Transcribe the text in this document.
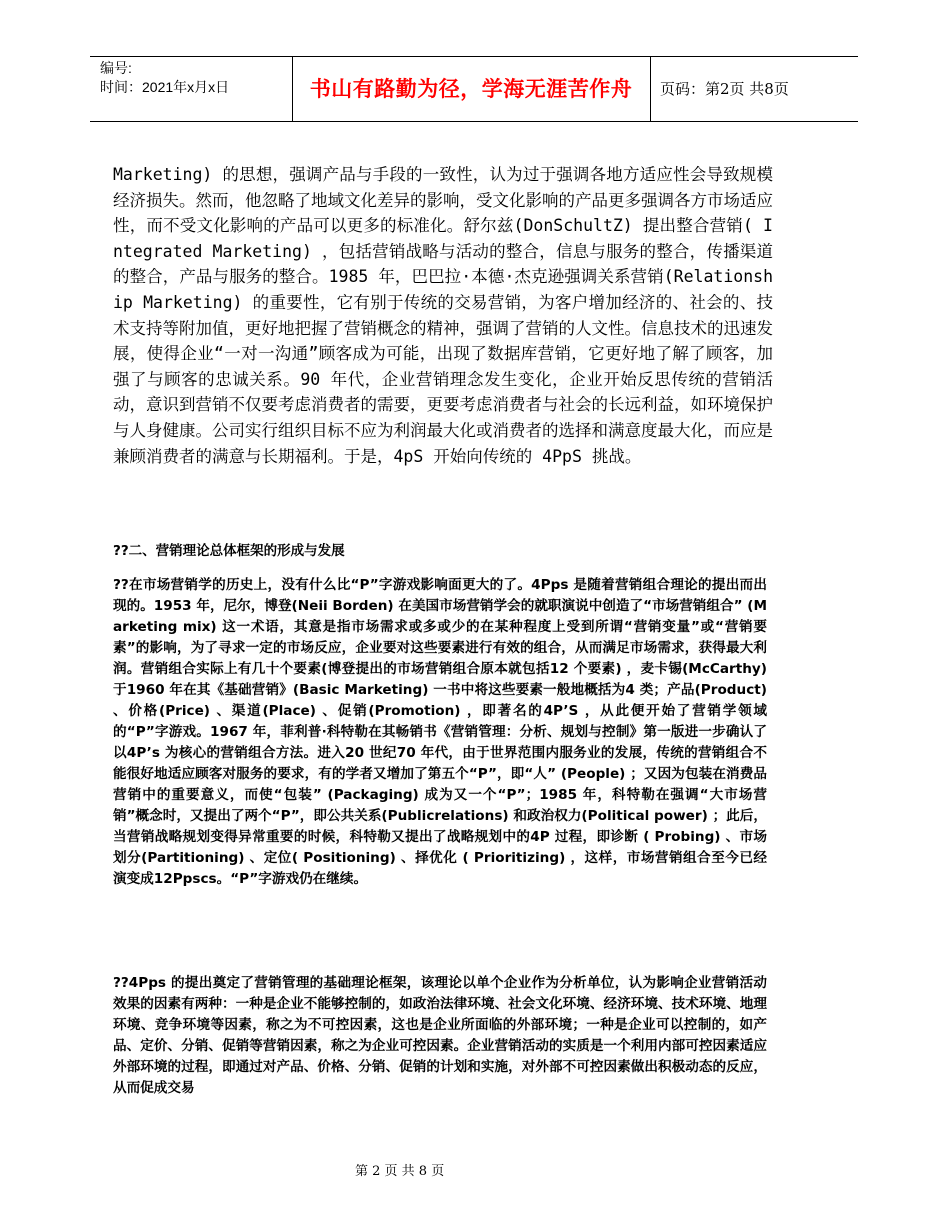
编号:
时间：2021年x月x日	书山有路勤为径，学海无涯苦作舟	页码：第2页 共8页
Marketing) 的思想，强调产品与手段的一致性，认为过于强调各地方适应性会导致规模经济损失。然而，他忽略了地域文化差异的影响，受文化影响的产品更多强调各方市场适应性，而不受文化影响的产品可以更多的标准化。舒尔兹(DonSchultZ) 提出整合营销( Integrated Marketing) ，包括营销战略与活动的整合，信息与服务的整合，传播渠道的整合，产品与服务的整合。1985 年，巴巴拉·本德·杰克逊强调关系营销(Relationship Marketing) 的重要性，它有别于传统的交易营销，为客户增加经济的、社会的、技术支持等附加值，更好地把握了营销概念的精神，强调了营销的人文性。信息技术的迅速发展，使得企业“一对一沟通”顾客成为可能，出现了数据库营销，它更好地了解了顾客，加强了与顾客的忠诚关系。90 年代，企业营销理念发生变化，企业开始反思传统的营销活动，意识到营销不仅要考虑消费者的需要，更要考虑消费者与社会的长远利益，如环境保护与人身健康。公司实行组织目标不应为利润最大化或消费者的选择和满意度最大化，而应是兼顾消费者的满意与长期福利。于是，4pS 开始向传统的 4PpS 挑战。
??二、营销理论总体框架的形成与发展
??在市场营销学的历史上，没有什么比“P”字游戏影响面更大的了。4Pps 是随着营销组合理论的提出而出现的。1953 年，尼尔，博登(Neii Borden) 在美国市场营销学会的就职演说中创造了“市场营销组合” (Marketing mix) 这一术语，其意是指市场需求或多或少的在某种程度上受到所谓“营销变量”或“营销要素”的影响，为了寻求一定的市场反应，企业要对这些要素进行有效的组合，从而满足市场需求，获得最大利润。营销组合实际上有几十个要素(博登提出的市场营销组合原本就包括12 个要素) ，麦卡锡(McCarthy) 于1960 年在其《基础营销》(Basic Marketing) 一书中将这些要素一般地概括为4 类；产品(Product) 、价格(Price) 、渠道(Place) 、促销(Promotion) ，即著名的4P’S ，从此便开始了营销学领域的“P”字游戏。1967 年，菲利普·科特勒在其畅销书《营销管理：分析、规划与控制》第一版进一步确认了以4P’s 为核心的营销组合方法。进入20 世纪70 年代，由于世界范围内服务业的发展，传统的营销组合不能很好地适应顾客对服务的要求，有的学者又增加了第五个“P”，即“人” (People) ；又因为包装在消费品营销中的重要意义，而使“包装” (Packaging) 成为又一个“P”；1985 年，科特勒在强调“大市场营销”概念时，又提出了两个“P”，即公共关系(Publicrelations) 和政治权力(Political power) ；此后，当营销战略规划变得异常重要的时候，科特勒又提出了战略规划中的4P 过程，即诊断 ( Probing) 、市场划分(Partitioning) 、定位( Positioning) 、择优化 ( Prioritizing) ，这样，市场营销组合至今已经演变成12Ppscs。“P”字游戏仍在继续。
??4Pps 的提出奠定了营销管理的基础理论框架，该理论以单个企业作为分析单位，认为影响企业营销活动效果的因素有两种：一种是企业不能够控制的，如政治法律环境、社会文化环境、经济环境、技术环境、地理环境、竞争环境等因素，称之为不可控因素，这也是企业所面临的外部环境；一种是企业可以控制的，如产品、定价、分销、促销等营销因素，称之为企业可控因素。企业营销活动的实质是一个利用内部可控因素适应外部环境的过程，即通过对产品、价格、分销、促销的计划和实施，对外部不可控因素做出积极动态的反应，从而促成交易
第 2 页 共 8 页
